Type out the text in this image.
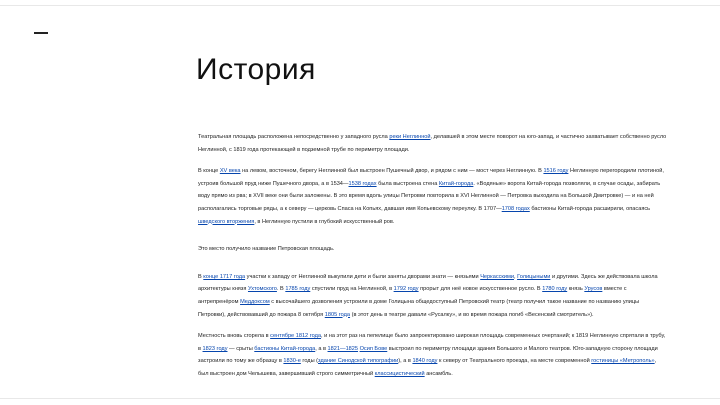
История

Театральная площадь расположена непосредственно у западного русла реки Неглинной, делавшей в этом месте поворот на юго-запад, и частично захватывает собственно русло Неглинной, с 1819 года протекающей в подземной трубе по периметру площади.

В конце XV века на левом, восточном, берегу Неглинной был выстроен Пушечный двор, и рядом с ним — мост через Неглинную. В 1516 году Неглинную перегородили плотиной, устроив большой пруд ниже Пушечного двора, а в 1534—1538 годах была выстроена стена Китай-города. «Водяные» ворота Китай-города позволяли, в случае осады, забирать воду прямо из рва; в XVII веке они были заложены. В это время вдоль улицы Петровки повторила в XVI Неглинной — Петровка выходила на Большой Дмитровке) — и на ней располагались торговые ряды, а к северу — церковь Спаса на Копьях, давшая имя Копьевскому переулку. В 1707—1708 годах бастионы Китай-города расширили, опасаясь шведского вторжения, в Неглинную пустили в глубокий искусственный ров.

Это место получило название Петровская площадь.

В конце 1717 года участки к западу от Неглинной выкупили дети и были заняты дворами знати — князьями Черкасскими, Голицыными и другими. Здесь же действовала школа архитектуры князя Ухтомского. В 1785 году спустили пруд на Неглинной, в 1792 году прорыт для неё новое искусственное русло. В 1780 году князь Урусов вместе с антрепренёром Меддоксом с высочайшего дозволения устроили в доме Голицына общедоступный Петровский театр (театр получил такое название по названию улицы Петровки), действовавший до пожара 8 октября 1805 года (в этот день в театре давали «Русалку», и во время пожара погиб «Весенский смотритель»).

Местность вновь сгорела в сентябре 1812 года, и на этот раз на пепелище было запроектировано широкая площадь современных очертаний; к 1819 Неглинную спрятали в трубу, в 1823 году — срыты бастионы Китай-города, а в 1821—1825 Осип Бове выстроил по периметру площади здания Большого и Малого театров. Юго-западную сторону площади застроили по тому же образцу в 1830-е годы (здание Синодской типографии), а в 1840 году к северу от Театрального проезда, на месте современной гостиницы «Метрополь», был выстроен дом Челышева, завершивший строго симметричный классицистический ансамбль.
